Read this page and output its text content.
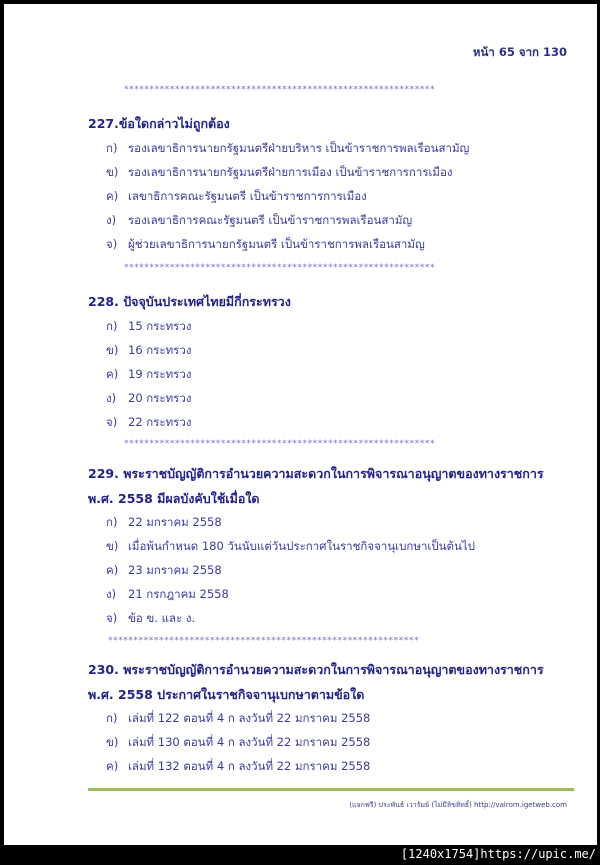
หน้า 65 จาก 130
*************************************************************
227.ข้อใดกล่าวไม่ถูกต้อง
ก) รองเลขาธิการนายกรัฐมนตรีฝ่ายบริหาร เป็นข้าราชการพลเรือนสามัญ
ข) รองเลขาธิการนายกรัฐมนตรีฝ่ายการเมือง เป็นข้าราชการการเมือง
ค) เลขาธิการคณะรัฐมนตรี เป็นข้าราชการการเมือง
ง) รองเลขาธิการคณะรัฐมนตรี เป็นข้าราชการพลเรือนสามัญ
จ) ผู้ช่วยเลขาธิการนายกรัฐมนตรี เป็นข้าราชการพลเรือนสามัญ
*************************************************************
228. ปัจจุบันประเทศไทยมีกี่กระทรวง
ก) 15 กระทรวง
ข) 16 กระทรวง
ค) 19 กระทรวง
ง) 20 กระทรวง
จ) 22 กระทรวง
*************************************************************
229. พระราชบัญญัติการอำนวยความสะดวกในการพิจารณาอนุญาตของทางราชการ
พ.ศ. 2558 มีผลบังคับใช้เมื่อใด
ก) 22 มกราคม 2558
ข) เมื่อพ้นกำหนด 180 วันนับแต่วันประกาศในราชกิจจานุเบกษาเป็นต้นไป
ค) 23 มกราคม 2558
ง) 21 กรกฎาคม 2558
จ) ข้อ ข. และ ง.
*************************************************************
230. พระราชบัญญัติการอำนวยความสะดวกในการพิจารณาอนุญาตของทางราชการ
พ.ศ. 2558 ประกาศในราชกิจจานุเบกษาตามข้อใด
ก) เล่มที่ 122 ตอนที่ 4 ก ลงวันที่ 22 มกราคม 2558
ข) เล่มที่ 130 ตอนที่ 4 ก ลงวันที่ 22 มกราคม 2558
ค) เล่มที่ 132 ตอนที่ 4 ก ลงวันที่ 22 มกราคม 2558
(แจกฟรี) ประพันธ์ เวารัมย์ (ไม่มีลิขสิทธิ์) http://valrom.igetweb.com
[1240x1754]https://upic.me/
